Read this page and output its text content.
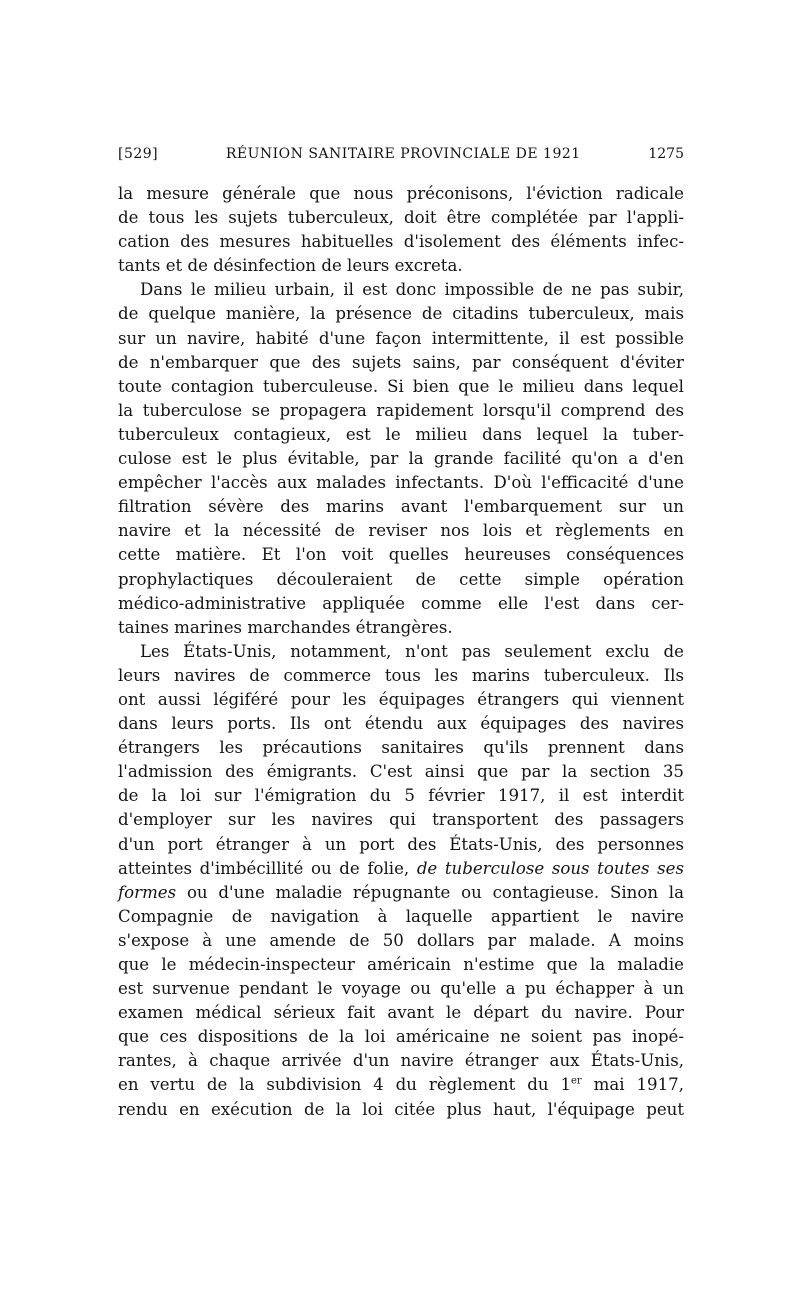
[529]	RÉUNION SANITAIRE PROVINCIALE DE 1921	1275

la mesure générale que nous préconisons, l'éviction radicale
de tous les sujets tuberculeux, doit être complétée par l'appli-
cation des mesures habituelles d'isolement des éléments infec-
tants et de désinfection de leurs excreta.

Dans le milieu urbain, il est donc impossible de ne pas subir,
de quelque manière, la présence de citadins tuberculeux, mais
sur un navire, habité d'une façon intermittente, il est possible
de n'embarquer que des sujets sains, par conséquent d'éviter
toute contagion tuberculeuse. Si bien que le milieu dans lequel
la tuberculose se propagera rapidement lorsqu'il comprend des
tuberculeux contagieux, est le milieu dans lequel la tuber-
culose est le plus évitable, par la grande facilité qu'on a d'en
empêcher l'accès aux malades infectants. D'où l'efficacité d'une
filtration sévère des marins avant l'embarquement sur un
navire et la nécessité de reviser nos lois et règlements en
cette matière. Et l'on voit quelles heureuses conséquences
prophylactiques découleraient de cette simple opération
médico-administrative appliquée comme elle l'est dans cer-
taines marines marchandes étrangères.

Les États-Unis, notamment, n'ont pas seulement exclu de
leurs navires de commerce tous les marins tuberculeux. Ils
ont aussi légiféré pour les équipages étrangers qui viennent
dans leurs ports. Ils ont étendu aux équipages des navires
étrangers les précautions sanitaires qu'ils prennent dans
l'admission des émigrants. C'est ainsi que par la section 35
de la loi sur l'émigration du 5 février 1917, il est interdit
d'employer sur les navires qui transportent des passagers
d'un port étranger à un port des États-Unis, des personnes
atteintes d'imbécillité ou de folie, de tuberculose sous toutes ses
formes ou d'une maladie répugnante ou contagieuse. Sinon la
Compagnie de navigation à laquelle appartient le navire
s'expose à une amende de 50 dollars par malade. A moins
que le médecin-inspecteur américain n'estime que la maladie
est survenue pendant le voyage ou qu'elle a pu échapper à un
examen médical sérieux fait avant le départ du navire. Pour
que ces dispositions de la loi américaine ne soient pas inopé-
rantes, à chaque arrivée d'un navire étranger aux États-Unis,
en vertu de la subdivision 4 du règlement du 1er mai 1917,
rendu en exécution de la loi citée plus haut, l'équipage peut
